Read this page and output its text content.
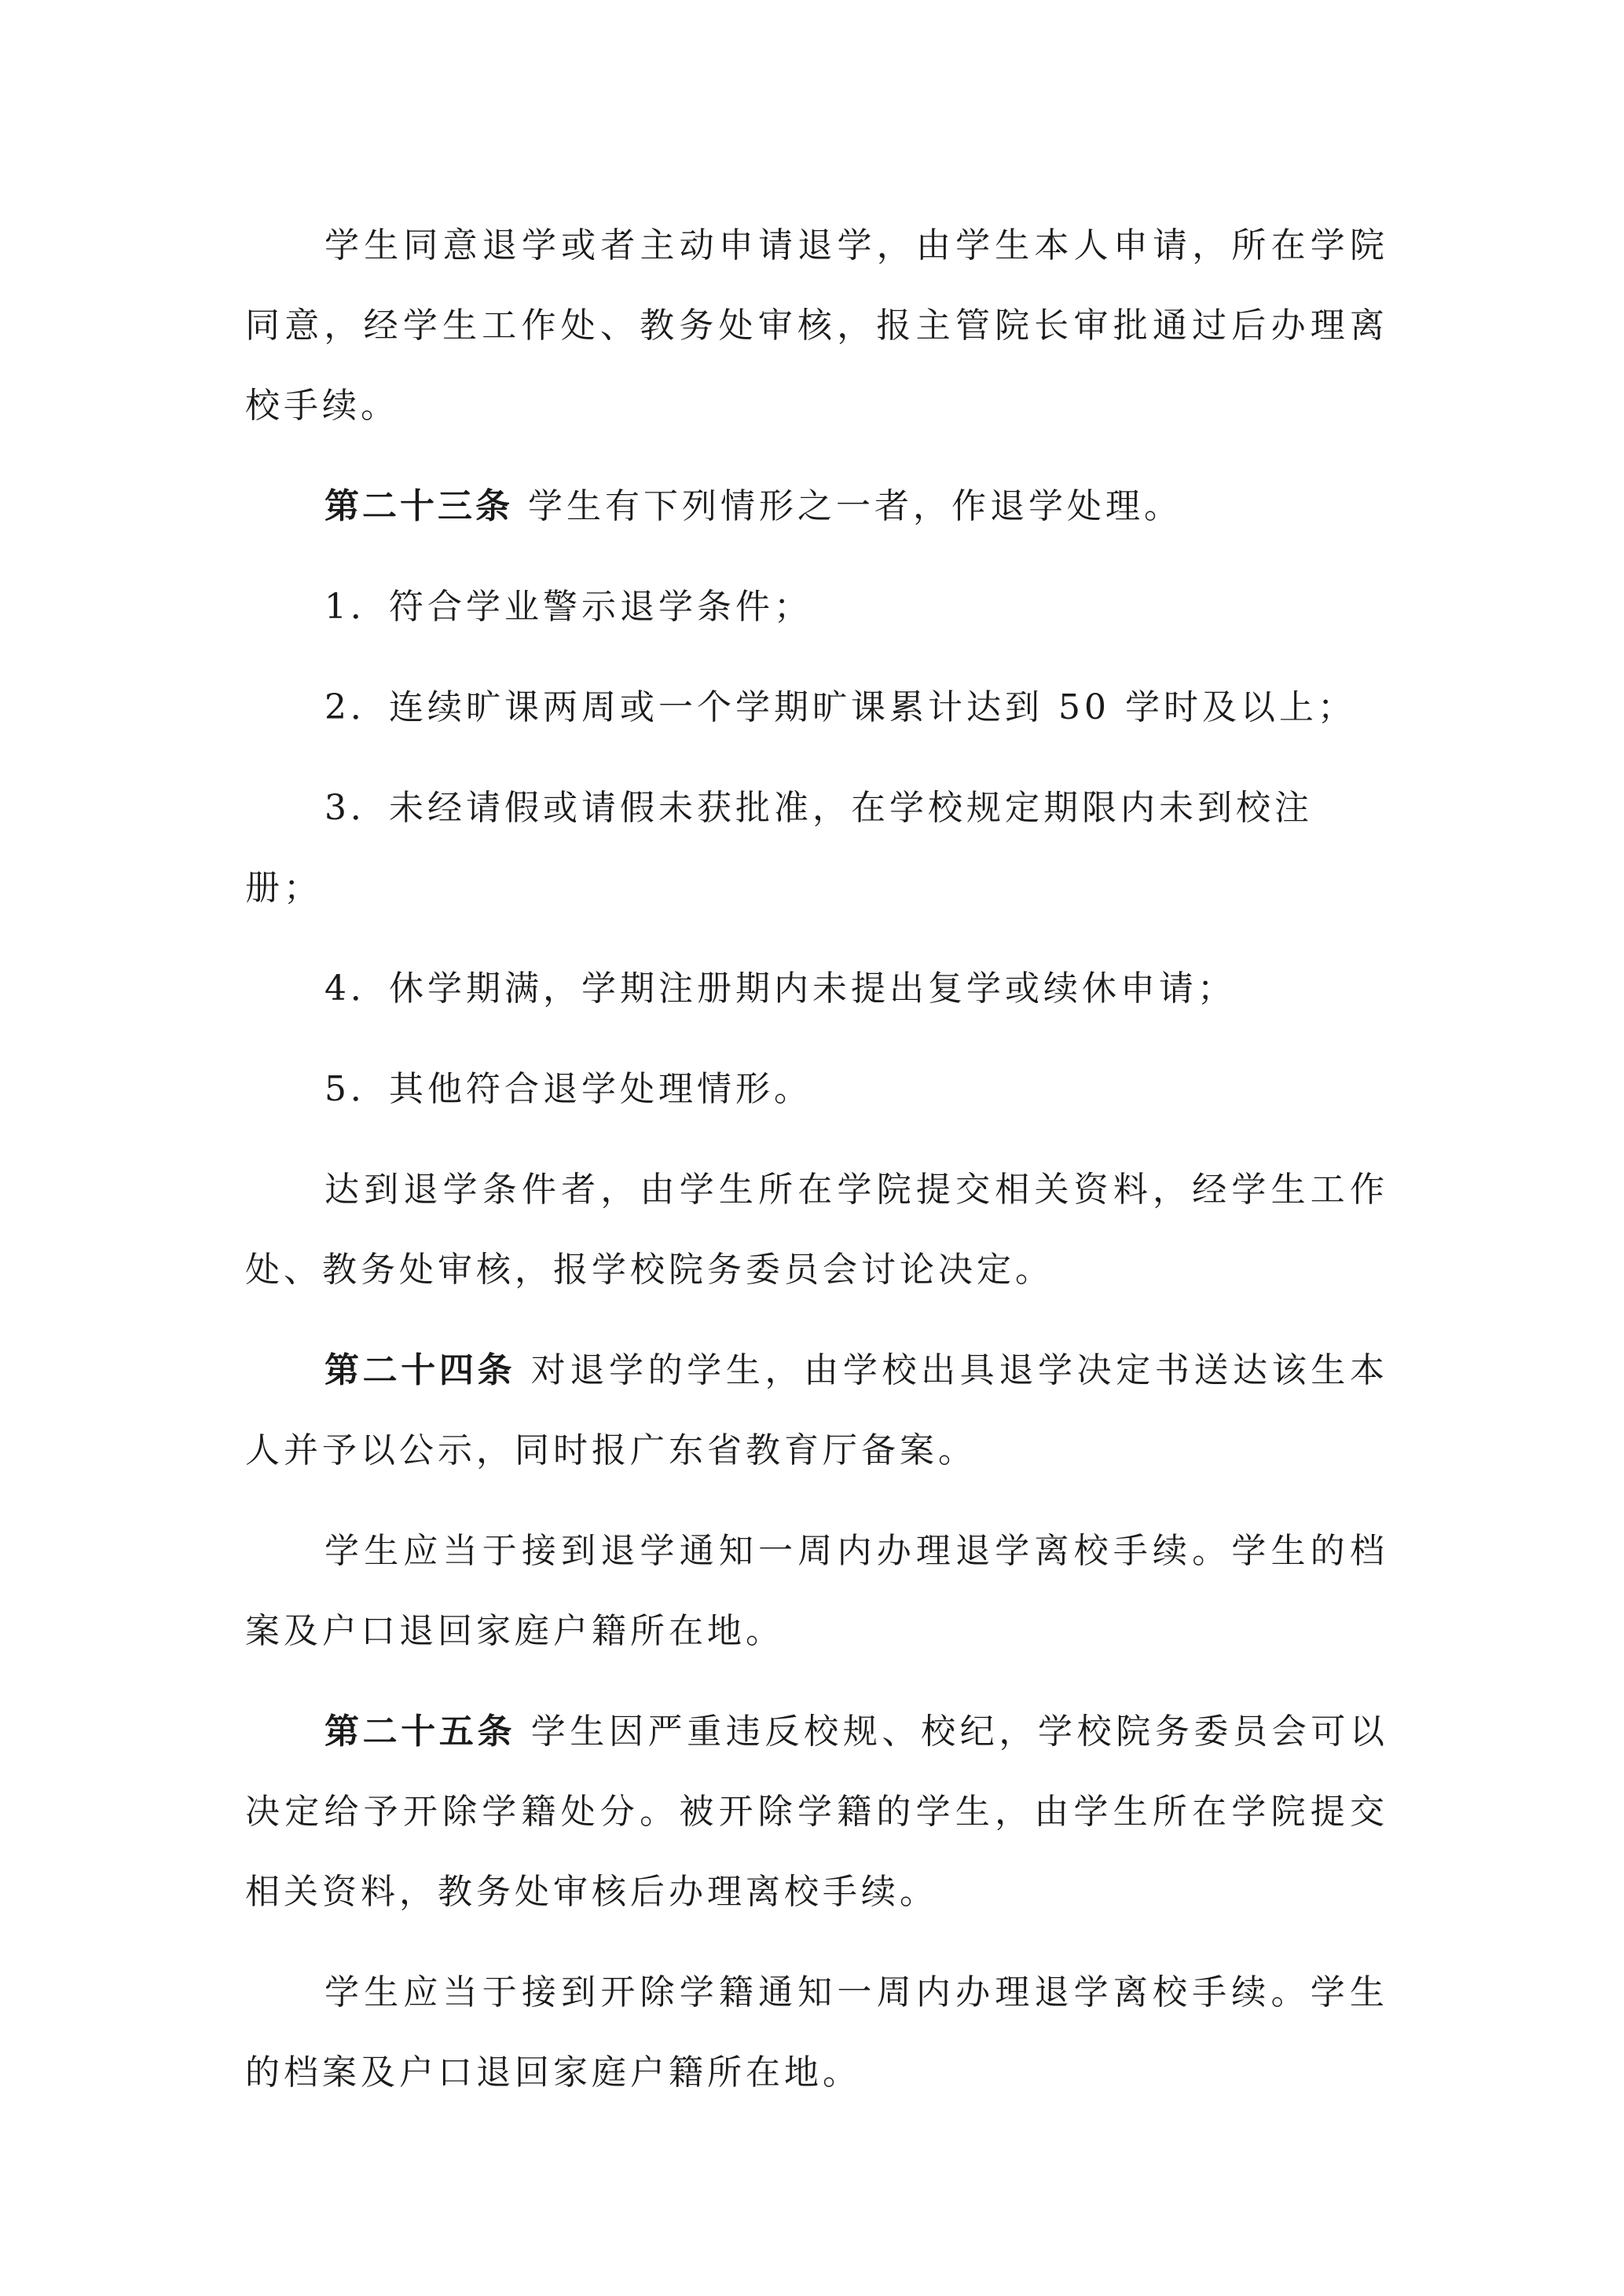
学生同意退学或者主动申请退学，由学生本人申请，所在学院同意，经学生工作处、教务处审核，报主管院长审批通过后办理离校手续。

第二十三条 学生有下列情形之一者，作退学处理。

1．符合学业警示退学条件；

2．连续旷课两周或一个学期旷课累计达到 50 学时及以上；

3．未经请假或请假未获批准，在学校规定期限内未到校注册；

4．休学期满，学期注册期内未提出复学或续休申请；

5．其他符合退学处理情形。

达到退学条件者，由学生所在学院提交相关资料，经学生工作处、教务处审核，报学校院务委员会讨论决定。

第二十四条 对退学的学生，由学校出具退学决定书送达该生本人并予以公示，同时报广东省教育厅备案。

学生应当于接到退学通知一周内办理退学离校手续。学生的档案及户口退回家庭户籍所在地。

第二十五条 学生因严重违反校规、校纪，学校院务委员会可以决定给予开除学籍处分。被开除学籍的学生，由学生所在学院提交相关资料，教务处审核后办理离校手续。

学生应当于接到开除学籍通知一周内办理退学离校手续。学生的档案及户口退回家庭户籍所在地。
